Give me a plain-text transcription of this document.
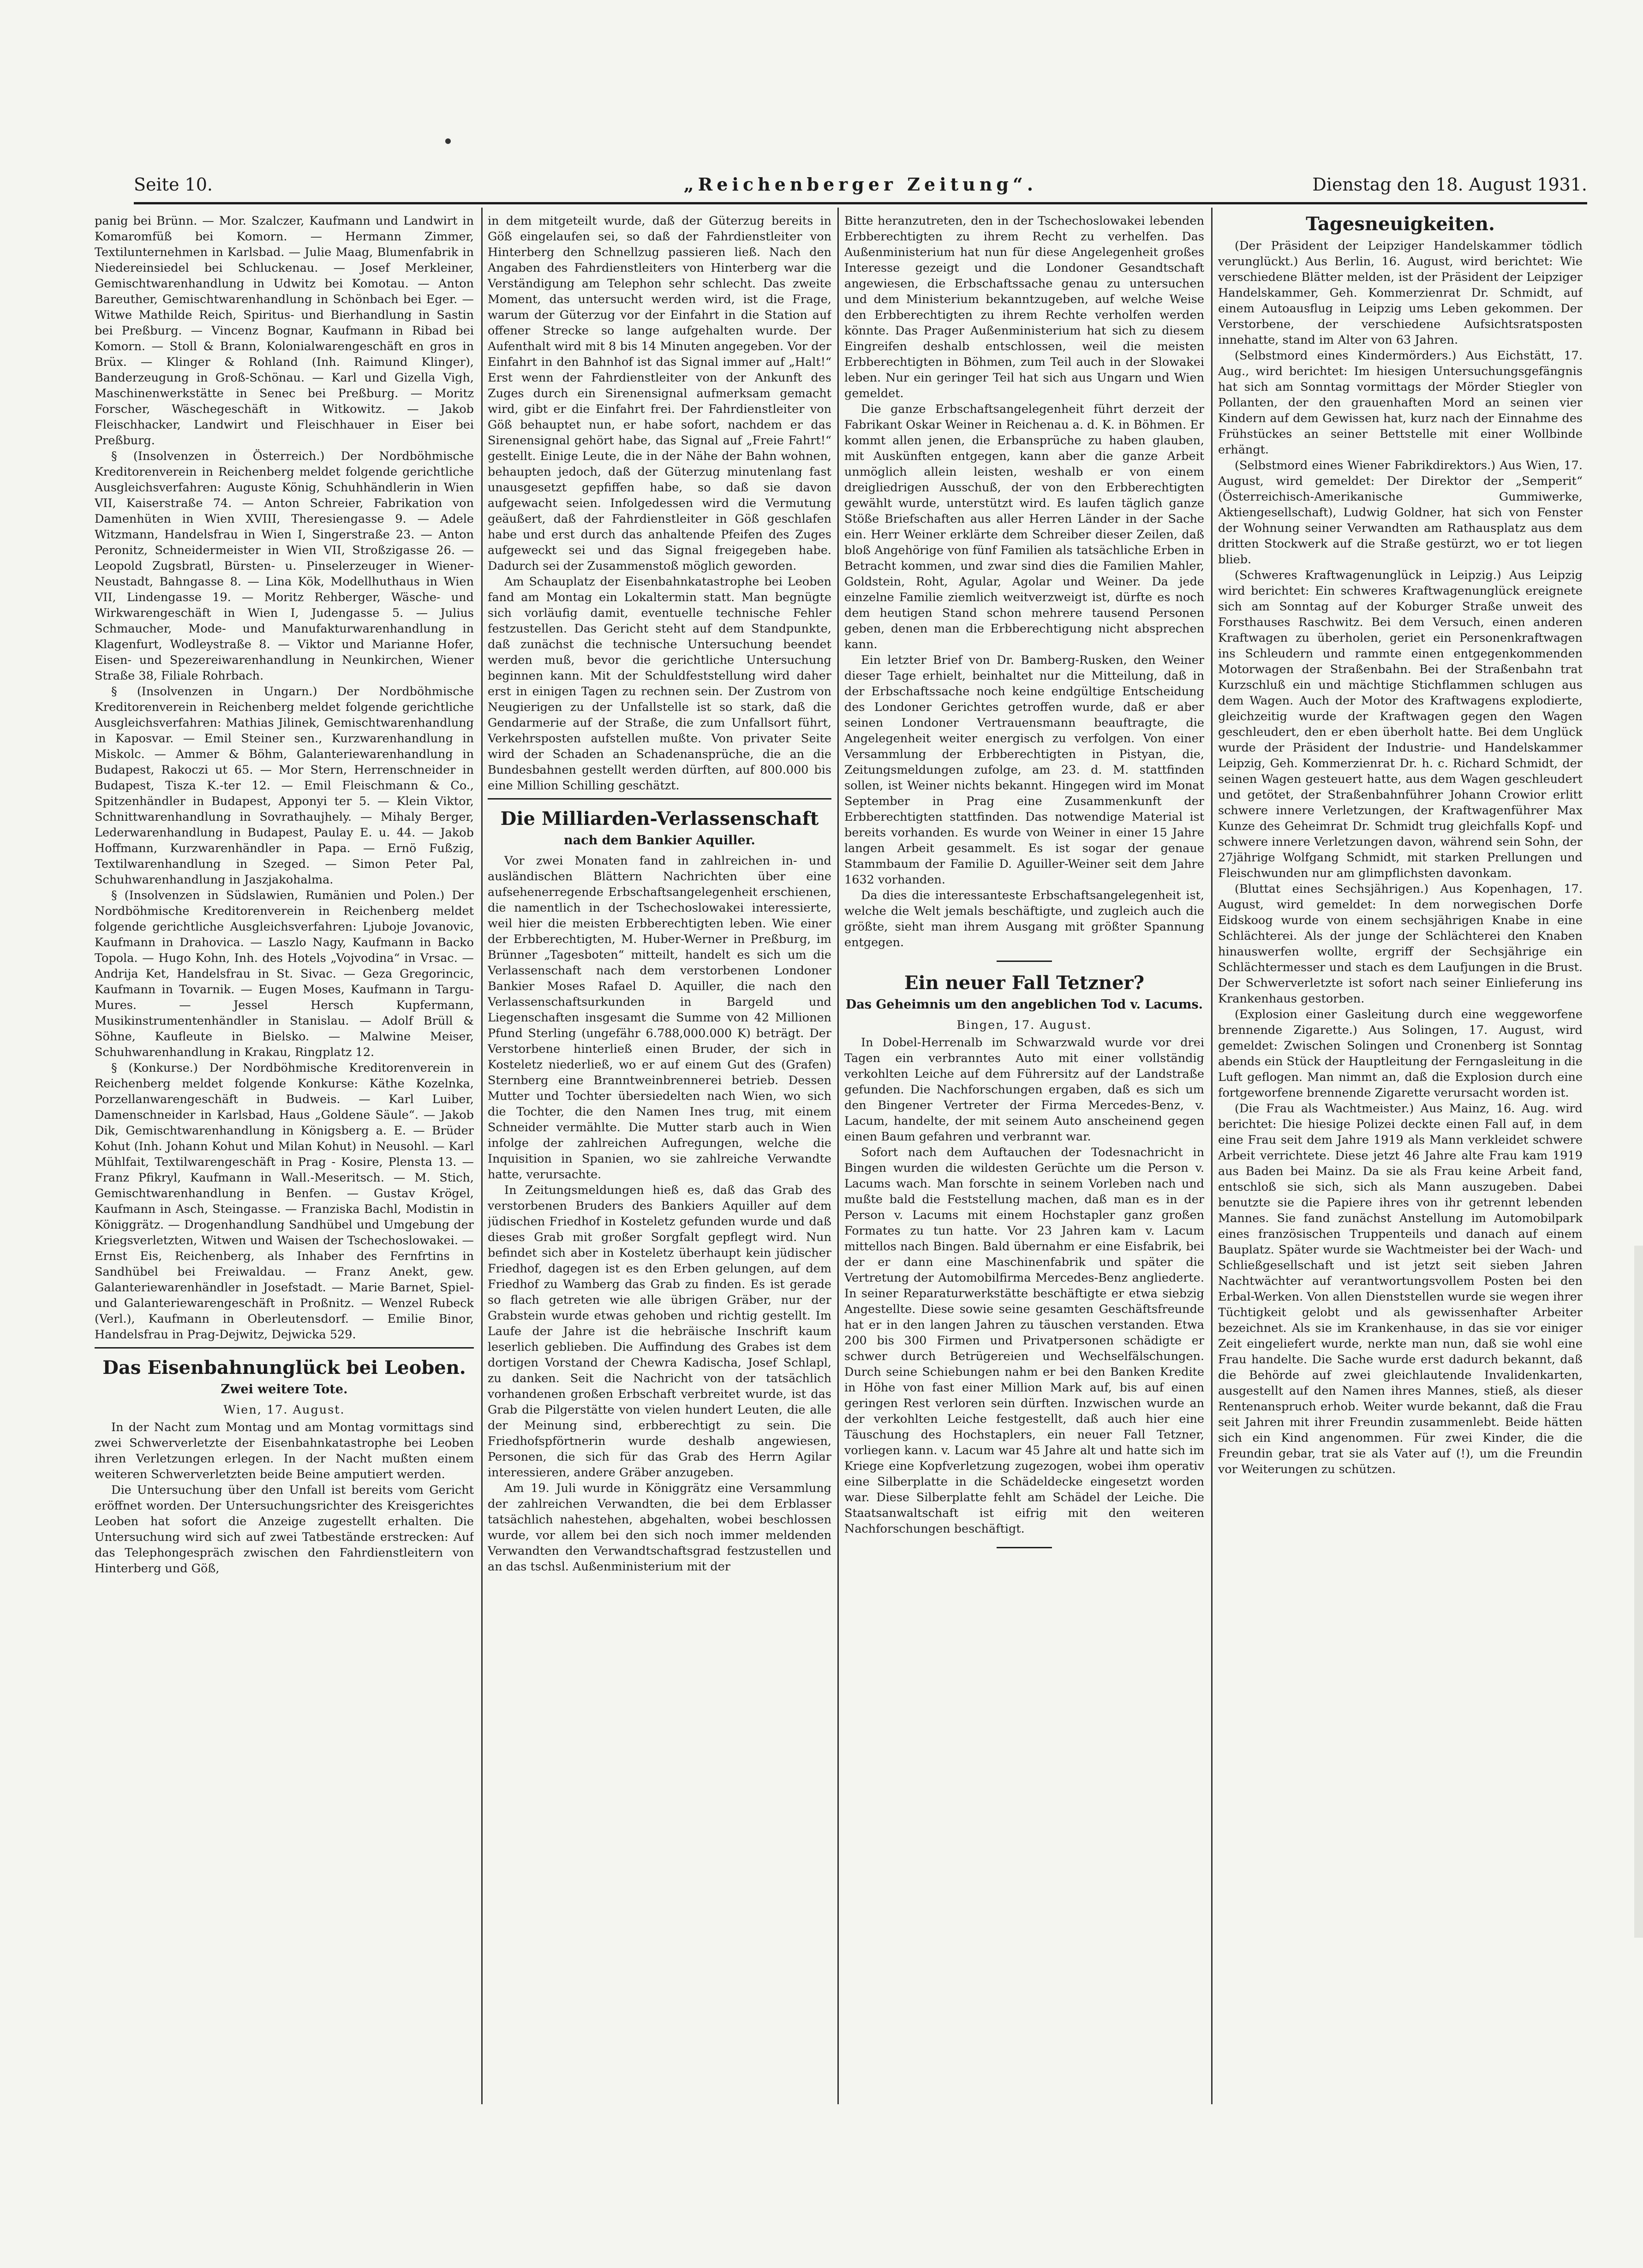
Seite 10.	„Reichenberger Zeitung“.	Dienstag den 18. August 1931.

panig bei Brünn. — Mor. Szalczer, Kaufmann und Landwirt in Komaromfüß bei Komorn. — Hermann Zimmer, Textilunternehmen in Karlsbad. — Julie Maag, Blumenfabrik in Niedereinsiedel bei Schluckenau. — Josef Merkleiner, Gemischtwarenhandlung in Udwitz bei Komotau. — Anton Bareuther, Gemischtwarenhandlung in Schönbach bei Eger. — Witwe Mathilde Reich, Spiritus- und Bierhandlung in Sastin bei Preßburg. — Vincenz Bognar, Kaufmann in Ribad bei Komorn. — Stoll & Brann, Kolonialwarengeschäft en gros in Brüx. — Klinger & Rohland (Inh. Raimund Klinger), Banderzeugung in Groß-Schönau. — Karl und Gizella Vigh, Maschinenwerkstätte in Senec bei Preßburg. — Moritz Forscher, Wäschegeschäft in Witkowitz. — Jakob Fleischhacker, Landwirt und Fleischhauer in Eiser bei Preßburg.

§ (Insolvenzen in Österreich.) Der Nordböhmische Kreditorenverein in Reichenberg meldet folgende gerichtliche Ausgleichsverfahren: Auguste König, Schuhhändlerin in Wien VII, Kaiserstraße 74. — Anton Schreier, Fabrikation von Damenhüten in Wien XVIII, Theresiengasse 9. — Adele Witzmann, Handelsfrau in Wien I, Singerstraße 23. — Anton Peronitz, Schneidermeister in Wien VII, Stroßzigasse 26. — Leopold Zugsbratl, Bürsten- u. Pinselerzeuger in Wiener-Neustadt, Bahngasse 8. — Lina Kök, Modellhuthaus in Wien VII, Lindengasse 19. — Moritz Rehberger, Wäsche- und Wirkwarengeschäft in Wien I, Judengasse 5. — Julius Schmaucher, Mode- und Manufakturwarenhandlung in Klagenfurt, Wodleystraße 8. — Viktor und Marianne Hofer, Eisen- und Spezereiwarenhandlung in Neunkirchen, Wiener Straße 38, Filiale Rohrbach.

§ (Insolvenzen in Ungarn.) Der Nordböhmische Kreditorenverein in Reichenberg meldet folgende gerichtliche Ausgleichsverfahren: Mathias Jilinek, Gemischtwarenhandlung in Kaposvar. — Emil Steiner sen., Kurzwarenhandlung in Miskolc. — Ammer & Böhm, Galanteriewarenhandlung in Budapest, Rakoczi ut 65. — Mor Stern, Herrenschneider in Budapest, Tisza K.-ter 12. — Emil Fleischmann & Co., Spitzenhändler in Budapest, Apponyi ter 5. — Klein Viktor, Schnittwarenhandlung in Sovrathaujhely. — Mihaly Berger, Lederwarenhandlung in Budapest, Paulay E. u. 44. — Jakob Hoffmann, Kurzwarenhändler in Papa. — Ernö Fußzig, Textilwarenhandlung in Szeged. — Simon Peter Pal, Schuhwarenhandlung in Jaszjakohalma.

§ (Insolvenzen in Südslawien, Rumänien und Polen.) Der Nordböhmische Kreditorenverein in Reichenberg meldet folgende gerichtliche Ausgleichsverfahren: Ljuboje Jovanovic, Kaufmann in Drahovica. — Laszlo Nagy, Kaufmann in Backo Topola. — Hugo Kohn, Inh. des Hotels „Vojvodina“ in Vrsac. — Andrija Ket, Handelsfrau in St. Sivac. — Geza Gregorincic, Kaufmann in Tovarnik. — Eugen Moses, Kaufmann in Targu-Mures. — Jessel Hersch Kupfermann, Musikinstrumentenhändler in Stanislau. — Adolf Brüll & Söhne, Kaufleute in Bielsko. — Malwine Meiser, Schuhwarenhandlung in Krakau, Ringplatz 12.

§ (Konkurse.) Der Nordböhmische Kreditorenverein in Reichenberg meldet folgende Konkurse: Käthe Kozelnka, Porzellanwarengeschäft in Budweis. — Karl Luiber, Damenschneider in Karlsbad, Haus „Goldene Säule“. — Jakob Dik, Gemischtwarenhandlung in Königsberg a. E. — Brüder Kohut (Inh. Johann Kohut und Milan Kohut) in Neusohl. — Karl Mühlfait, Textilwarengeschäft in Prag - Kosire, Plensta 13. — Franz Pfikryl, Kaufmann in Wall.-Meseritsch. — M. Stich, Gemischtwarenhandlung in Benfen. — Gustav Krögel, Kaufmann in Asch, Steingasse. — Franziska Bachl, Modistin in Königgrätz. — Drogenhandlung Sandhübel und Umgebung der Kriegsverletzten, Witwen und Waisen der Tschechoslowakei. — Ernst Eis, Reichenberg, als Inhaber des Fernfrtins in Sandhübel bei Freiwaldau. — Franz Anekt, gew. Galanteriewarenhändler in Josefstadt. — Marie Barnet, Spiel- und Galanteriewarengeschäft in Proßnitz. — Wenzel Rubeck (Verl.), Kaufmann in Oberleutensdorf. — Emilie Binor, Handelsfrau in Prag-Dejwitz, Dejwicka 529.

Das Eisenbahnunglück bei Leoben.
Zwei weitere Tote.

Wien, 17. August.

In der Nacht zum Montag und am Montag vormittags sind zwei Schwerverletzte der Eisenbahnkatastrophe bei Leoben ihren Verletzungen erlegen. In der Nacht mußten einem weiteren Schwerverletzten beide Beine amputiert werden.

Die Untersuchung über den Unfall ist bereits vom Gericht eröffnet worden. Der Untersuchungsrichter des Kreisgerichtes Leoben hat sofort die Anzeige zugestellt erhalten. Die Untersuchung wird sich auf zwei Tatbestände erstrecken: Auf das Telephongespräch zwischen den Fahrdienstleitern von Hinterberg und Göß,

in dem mitgeteilt wurde, daß der Güterzug bereits in Göß eingelaufen sei, so daß der Fahrdienstleiter von Hinterberg den Schnellzug passieren ließ. Nach den Angaben des Fahrdienstleiters von Hinterberg war die Verständigung am Telephon sehr schlecht. Das zweite Moment, das untersucht werden wird, ist die Frage, warum der Güterzug vor der Einfahrt in die Station auf offener Strecke so lange aufgehalten wurde. Der Aufenthalt wird mit 8 bis 14 Minuten angegeben. Vor der Einfahrt in den Bahnhof ist das Signal immer auf „Halt!“ Erst wenn der Fahrdienstleiter von der Ankunft des Zuges durch ein Sirenensignal aufmerksam gemacht wird, gibt er die Einfahrt frei. Der Fahrdienstleiter von Göß behauptet nun, er habe sofort, nachdem er das Sirenensignal gehört habe, das Signal auf „Freie Fahrt!“ gestellt. Einige Leute, die in der Nähe der Bahn wohnen, behaupten jedoch, daß der Güterzug minutenlang fast unausgesetzt gepfiffen habe, so daß sie davon aufgewacht seien. Infolgedessen wird die Vermutung geäußert, daß der Fahrdienstleiter in Göß geschlafen habe und erst durch das anhaltende Pfeifen des Zuges aufgeweckt sei und das Signal freigegeben habe. Dadurch sei der Zusammenstoß möglich geworden.

Am Schauplatz der Eisenbahnkatastrophe bei Leoben fand am Montag ein Lokaltermin statt. Man begnügte sich vorläufig damit, eventuelle technische Fehler festzustellen. Das Gericht steht auf dem Standpunkte, daß zunächst die technische Untersuchung beendet werden muß, bevor die gerichtliche Untersuchung beginnen kann. Mit der Schuldfeststellung wird daher erst in einigen Tagen zu rechnen sein. Der Zustrom von Neugierigen zu der Unfallstelle ist so stark, daß die Gendarmerie auf der Straße, die zum Unfallsort führt, Verkehrsposten aufstellen mußte. Von privater Seite wird der Schaden an Schadenansprüche, die an die Bundesbahnen gestellt werden dürften, auf 800.000 bis eine Million Schilling geschätzt.

Die Milliarden-Verlassenschaft
nach dem Bankier Aquiller.

Vor zwei Monaten fand in zahlreichen in- und ausländischen Blättern Nachrichten über eine aufsehenerregende Erbschaftsangelegenheit erschienen, die namentlich in der Tschechoslowakei interessierte, weil hier die meisten Erbberechtigten leben. Wie einer der Erbberechtigten, M. Huber-Werner in Preßburg, im Brünner „Tagesboten“ mitteilt, handelt es sich um die Verlassenschaft nach dem verstorbenen Londoner Bankier Moses Rafael D. Aquiller, die nach den Verlassenschaftsurkunden in Bargeld und Liegenschaften insgesamt die Summe von 42 Millionen Pfund Sterling (ungefähr 6.788,000.000 K) beträgt. Der Verstorbene hinterließ einen Bruder, der sich in Kosteletz niederließ, wo er auf einem Gut des (Grafen) Sternberg eine Branntweinbrennerei betrieb. Dessen Mutter und Tochter übersiedelten nach Wien, wo sich die Tochter, die den Namen Ines trug, mit einem Schneider vermählte. Die Mutter starb auch in Wien infolge der zahlreichen Aufregungen, welche die Inquisition in Spanien, wo sie zahlreiche Verwandte hatte, verursachte.

In Zeitungsmeldungen hieß es, daß das Grab des verstorbenen Bruders des Bankiers Aquiller auf dem jüdischen Friedhof in Kosteletz gefunden wurde und daß dieses Grab mit großer Sorgfalt gepflegt wird. Nun befindet sich aber in Kosteletz überhaupt kein jüdischer Friedhof, dagegen ist es den Erben gelungen, auf dem Friedhof zu Wamberg das Grab zu finden. Es ist gerade so flach getreten wie alle übrigen Gräber, nur der Grabstein wurde etwas gehoben und richtig gestellt. Im Laufe der Jahre ist die hebräische Inschrift kaum leserlich geblieben. Die Auffindung des Grabes ist dem dortigen Vorstand der Chewra Kadischa, Josef Schlapl, zu danken. Seit die Nachricht von der tatsächlich vorhandenen großen Erbschaft verbreitet wurde, ist das Grab die Pilgerstätte von vielen hundert Leuten, die alle der Meinung sind, erbberechtigt zu sein. Die Friedhofspförtnerin wurde deshalb angewiesen, Personen, die sich für das Grab des Herrn Agilar interessieren, andere Gräber anzugeben.

Am 19. Juli wurde in Königgrätz eine Versammlung der zahlreichen Verwandten, die bei dem Erblasser tatsächlich nahestehen, abgehalten, wobei beschlossen wurde, vor allem bei den sich noch immer meldenden Verwandten den Verwandtschaftsgrad festzustellen und an das tschsl. Außenministerium mit der

Bitte heranzutreten, den in der Tschechoslowakei lebenden Erbberechtigten zu ihrem Recht zu verhelfen. Das Außenministerium hat nun für diese Angelegenheit großes Interesse gezeigt und die Londoner Gesandtschaft angewiesen, die Erbschaftssache genau zu untersuchen und dem Ministerium bekanntzugeben, auf welche Weise den Erbberechtigten zu ihrem Rechte verholfen werden könnte. Das Prager Außenministerium hat sich zu diesem Eingreifen deshalb entschlossen, weil die meisten Erbberechtigten in Böhmen, zum Teil auch in der Slowakei leben. Nur ein geringer Teil hat sich aus Ungarn und Wien gemeldet.

Die ganze Erbschaftsangelegenheit führt derzeit der Fabrikant Oskar Weiner in Reichenau a. d. K. in Böhmen. Er kommt allen jenen, die Erbansprüche zu haben glauben, mit Auskünften entgegen, kann aber die ganze Arbeit unmöglich allein leisten, weshalb er von einem dreigliedrigen Ausschuß, der von den Erbberechtigten gewählt wurde, unterstützt wird. Es laufen täglich ganze Stöße Briefschaften aus aller Herren Länder in der Sache ein. Herr Weiner erklärte dem Schreiber dieser Zeilen, daß bloß Angehörige von fünf Familien als tatsächliche Erben in Betracht kommen, und zwar sind dies die Familien Mahler, Goldstein, Roht, Agular, Agolar und Weiner. Da jede einzelne Familie ziemlich weitverzweigt ist, dürfte es noch dem heutigen Stand schon mehrere tausend Personen geben, denen man die Erbberechtigung nicht absprechen kann.

Ein letzter Brief von Dr. Bamberg-Rusken, den Weiner dieser Tage erhielt, beinhaltet nur die Mitteilung, daß in der Erbschaftssache noch keine endgültige Entscheidung des Londoner Gerichtes getroffen wurde, daß er aber seinen Londoner Vertrauensmann beauftragte, die Angelegenheit weiter energisch zu verfolgen. Von einer Versammlung der Erbberechtigten in Pistyan, die, Zeitungsmeldungen zufolge, am 23. d. M. stattfinden sollen, ist Weiner nichts bekannt. Hingegen wird im Monat September in Prag eine Zusammenkunft der Erbberechtigten stattfinden. Das notwendige Material ist bereits vorhanden. Es wurde von Weiner in einer 15 Jahre langen Arbeit gesammelt. Es ist sogar der genaue Stammbaum der Familie D. Aguiller-Weiner seit dem Jahre 1632 vorhanden.

Da dies die interessanteste Erbschaftsangelegenheit ist, welche die Welt jemals beschäftigte, und zugleich auch die größte, sieht man ihrem Ausgang mit größter Spannung entgegen.

Ein neuer Fall Tetzner?
Das Geheimnis um den angeblichen Tod v. Lacums.

Bingen, 17. August.

In Dobel-Herrenalb im Schwarzwald wurde vor drei Tagen ein verbranntes Auto mit einer vollständig verkohlten Leiche auf dem Führersitz auf der Landstraße gefunden. Die Nachforschungen ergaben, daß es sich um den Bingener Vertreter der Firma Mercedes-Benz, v. Lacum, handelte, der mit seinem Auto anscheinend gegen einen Baum gefahren und verbrannt war.

Sofort nach dem Auftauchen der Todesnachricht in Bingen wurden die wildesten Gerüchte um die Person v. Lacums wach. Man forschte in seinem Vorleben nach und mußte bald die Feststellung machen, daß man es in der Person v. Lacums mit einem Hochstapler ganz großen Formates zu tun hatte. Vor 23 Jahren kam v. Lacum mittellos nach Bingen. Bald übernahm er eine Eisfabrik, bei der er dann eine Maschinenfabrik und später die Vertretung der Automobilfirma Mercedes-Benz angliederte. In seiner Reparaturwerkstätte beschäftigte er etwa siebzig Angestellte. Diese sowie seine gesamten Geschäftsfreunde hat er in den langen Jahren zu täuschen verstanden. Etwa 200 bis 300 Firmen und Privatpersonen schädigte er schwer durch Betrügereien und Wechselfälschungen. Durch seine Schiebungen nahm er bei den Banken Kredite in Höhe von fast einer Million Mark auf, bis auf einen geringen Rest verloren sein dürften. Inzwischen wurde an der verkohlten Leiche festgestellt, daß auch hier eine Täuschung des Hochstaplers, ein neuer Fall Tetzner, vorliegen kann. v. Lacum war 45 Jahre alt und hatte sich im Kriege eine Kopfverletzung zugezogen, wobei ihm operativ eine Silberplatte in die Schädeldecke eingesetzt worden war. Diese Silberplatte fehlt am Schädel der Leiche. Die Staatsanwaltschaft ist eifrig mit den weiteren Nachforschungen beschäftigt.

Tagesneuigkeiten.

(Der Präsident der Leipziger Handelskammer tödlich verunglückt.) Aus Berlin, 16. August, wird berichtet: Wie verschiedene Blätter melden, ist der Präsident der Leipziger Handelskammer, Geh. Kommerzienrat Dr. Schmidt, auf einem Autoausflug in Leipzig ums Leben gekommen. Der Verstorbene, der verschiedene Aufsichtsratsposten innehatte, stand im Alter von 63 Jahren.

(Selbstmord eines Kindermörders.) Aus Eichstätt, 17. Aug., wird berichtet: Im hiesigen Untersuchungsgefängnis hat sich am Sonntag vormittags der Mörder Stiegler von Pollanten, der den grauenhaften Mord an seinen vier Kindern auf dem Gewissen hat, kurz nach der Einnahme des Frühstückes an seiner Bettstelle mit einer Wollbinde erhängt.

(Selbstmord eines Wiener Fabrikdirektors.) Aus Wien, 17. August, wird gemeldet: Der Direktor der „Semperit“ (Österreichisch-Amerikanische Gummiwerke, Aktiengesellschaft), Ludwig Goldner, hat sich von Fenster der Wohnung seiner Verwandten am Rathausplatz aus dem dritten Stockwerk auf die Straße gestürzt, wo er tot liegen blieb.

(Schweres Kraftwagenunglück in Leipzig.) Aus Leipzig wird berichtet: Ein schweres Kraftwagenunglück ereignete sich am Sonntag auf der Koburger Straße unweit des Forsthauses Raschwitz. Bei dem Versuch, einen anderen Kraftwagen zu überholen, geriet ein Personenkraftwagen ins Schleudern und rammte einen entgegenkommenden Motorwagen der Straßenbahn. Bei der Straßenbahn trat Kurzschluß ein und mächtige Stichflammen schlugen aus dem Wagen. Auch der Motor des Kraftwagens explodierte, gleichzeitig wurde der Kraftwagen gegen den Wagen geschleudert, den er eben überholt hatte. Bei dem Unglück wurde der Präsident der Industrie- und Handelskammer Leipzig, Geh. Kommerzienrat Dr. h. c. Richard Schmidt, der seinen Wagen gesteuert hatte, aus dem Wagen geschleudert und getötet, der Straßenbahnführer Johann Crowior erlitt schwere innere Verletzungen, der Kraftwagenführer Max Kunze des Geheimrat Dr. Schmidt trug gleichfalls Kopf- und schwere innere Verletzungen davon, während sein Sohn, der 27jährige Wolfgang Schmidt, mit starken Prellungen und Fleischwunden nur am glimpflichsten davonkam.

(Bluttat eines Sechsjährigen.) Aus Kopenhagen, 17. August, wird gemeldet: In dem norwegischen Dorfe Eidskoog wurde von einem sechsjährigen Knabe in eine Schlächterei. Als der junge der Schlächterei den Knaben hinauswerfen wollte, ergriff der Sechsjährige ein Schlächtermesser und stach es dem Laufjungen in die Brust. Der Schwerverletzte ist sofort nach seiner Einlieferung ins Krankenhaus gestorben.

(Explosion einer Gasleitung durch eine weggeworfene brennende Zigarette.) Aus Solingen, 17. August, wird gemeldet: Zwischen Solingen und Cronenberg ist Sonntag abends ein Stück der Hauptleitung der Ferngasleitung in die Luft geflogen. Man nimmt an, daß die Explosion durch eine fortgeworfene brennende Zigarette verursacht worden ist.

(Die Frau als Wachtmeister.) Aus Mainz, 16. Aug. wird berichtet: Die hiesige Polizei deckte einen Fall auf, in dem eine Frau seit dem Jahre 1919 als Mann verkleidet schwere Arbeit verrichtete. Diese jetzt 46 Jahre alte Frau kam 1919 aus Baden bei Mainz. Da sie als Frau keine Arbeit fand, entschloß sie sich, sich als Mann auszugeben. Dabei benutzte sie die Papiere ihres von ihr getrennt lebenden Mannes. Sie fand zunächst Anstellung im Automobilpark eines französischen Truppenteils und danach auf einem Bauplatz. Später wurde sie Wachtmeister bei der Wach- und Schließgesellschaft und ist jetzt seit sieben Jahren Nachtwächter auf verantwortungsvollem Posten bei den Erbal-Werken. Von allen Dienststellen wurde sie wegen ihrer Tüchtigkeit gelobt und als gewissenhafter Arbeiter bezeichnet. Als sie im Krankenhause, in das sie vor einiger Zeit eingeliefert wurde, nerkte man nun, daß sie wohl eine Frau handelte. Die Sache wurde erst dadurch bekannt, daß die Behörde auf zwei gleichlautende Invalidenkarten, ausgestellt auf den Namen ihres Mannes, stieß, als dieser Rentenanspruch erhob. Weiter wurde bekannt, daß die Frau seit Jahren mit ihrer Freundin zusammenlebt. Beide hätten sich ein Kind angenommen. Für zwei Kinder, die die Freundin gebar, trat sie als Vater auf (!), um die Freundin vor Weiterungen zu schützen.
